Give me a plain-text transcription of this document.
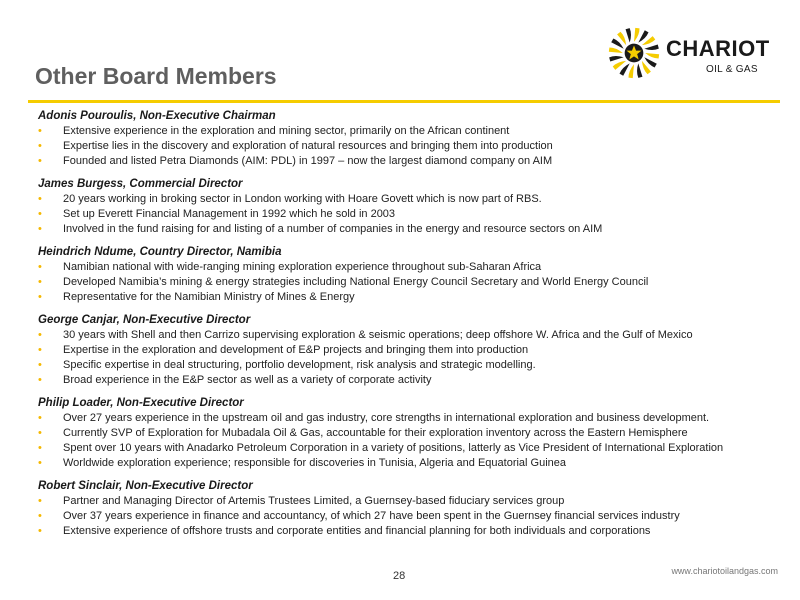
Other Board Members
CHARIOT
OIL & GAS
Adonis Pouroulis, Non-Executive Chairman
• Extensive experience in the exploration and mining sector, primarily on the African continent
• Expertise lies in the discovery and exploration of natural resources and bringing them into production
• Founded and listed Petra Diamonds (AIM: PDL) in 1997 – now the largest diamond company on AIM
James Burgess, Commercial Director
• 20 years working in broking sector in London working with Hoare Govett which is now part of RBS.
• Set up Everett Financial Management in 1992 which he sold in 2003
• Involved in the fund raising for and listing of a number of companies in the energy and resource sectors on AIM
Heindrich Ndume, Country Director, Namibia
• Namibian national with wide-ranging mining exploration experience throughout sub-Saharan Africa
• Developed Namibia’s mining & energy strategies including National Energy Council Secretary and World Energy Council
• Representative for the Namibian Ministry of Mines & Energy
George Canjar, Non-Executive Director
• 30 years with Shell and then Carrizo supervising exploration & seismic operations; deep offshore W. Africa and the Gulf of Mexico
• Expertise in the exploration and development of E&P projects and bringing them into production
• Specific expertise in deal structuring, portfolio development, risk analysis and strategic modelling.
• Broad experience in the E&P sector as well as a variety of corporate activity
Philip Loader, Non-Executive Director
• Over 27 years experience in the upstream oil and gas industry, core strengths in international exploration and business development.
• Currently SVP of Exploration for Mubadala Oil & Gas, accountable for their exploration inventory across the Eastern Hemisphere
• Spent over 10 years with Anadarko Petroleum Corporation in a variety of positions, latterly as Vice President of International Exploration
• Worldwide exploration experience; responsible for discoveries in Tunisia, Algeria and Equatorial Guinea
Robert Sinclair, Non-Executive Director
• Partner and Managing Director of Artemis Trustees Limited, a Guernsey-based fiduciary services group
• Over 37 years experience in finance and accountancy, of which 27 have been spent in the Guernsey financial services industry
• Extensive experience of offshore trusts and corporate entities and financial planning for both individuals and corporations
www.chariotoilandgas.com
28
